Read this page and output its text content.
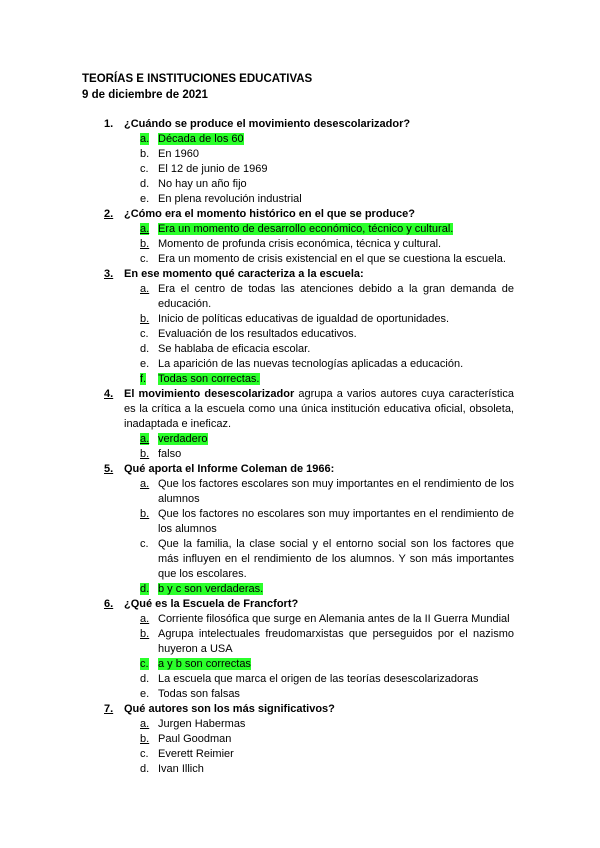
TEORÍAS E INSTITUCIONES EDUCATIVAS
9 de diciembre de 2021
1. ¿Cuándo se produce el movimiento desescolarizador?
a. Década de los 60
b. En 1960
c. El 12 de junio de 1969
d. No hay un año fijo
e. En plena revolución industrial
2. ¿Cómo era el momento histórico en el que se produce?
a. Era un momento de desarrollo económico, técnico y cultural.
b. Momento de profunda crisis económica, técnica y cultural.
c. Era un momento de crisis existencial en el que se cuestiona la escuela.
3. En ese momento qué caracteriza a la escuela:
a. Era el centro de todas las atenciones debido a la gran demanda de educación.
b. Inicio de políticas educativas de igualdad de oportunidades.
c. Evaluación de los resultados educativos.
d. Se hablaba de eficacia escolar.
e. La aparición de las nuevas tecnologías aplicadas a educación.
f.	Todas son correctas.
4. El movimiento desescolarizador agrupa a varios autores cuya característica es la crítica a la escuela como una única institución educativa oficial, obsoleta, inadaptada e ineficaz.
a. verdadero
b. falso
5. Qué aporta el Informe Coleman de 1966:
a. Que los factores escolares son muy importantes en el rendimiento de los alumnos
b. Que los factores no escolares son muy importantes en el rendimiento de los alumnos
c. Que la familia, la clase social y el entorno social son los factores que más influyen en el rendimiento de los alumnos. Y son más importantes que los escolares.
d. b y c son verdaderas.
6. ¿Qué es la Escuela de Francfort?
a. Corriente filosófica que surge en Alemania antes de la II Guerra Mundial
b. Agrupa intelectuales freudomarxistas que perseguidos por el nazismo huyeron a USA
c. a y b son correctas
d. La escuela que marca el origen de las teorías desescolarizadoras
e. Todas son falsas
7. Qué autores son los más significativos?
a. Jurgen Habermas
b. Paul Goodman
c. Everett Reimier
d. Ivan Illich
